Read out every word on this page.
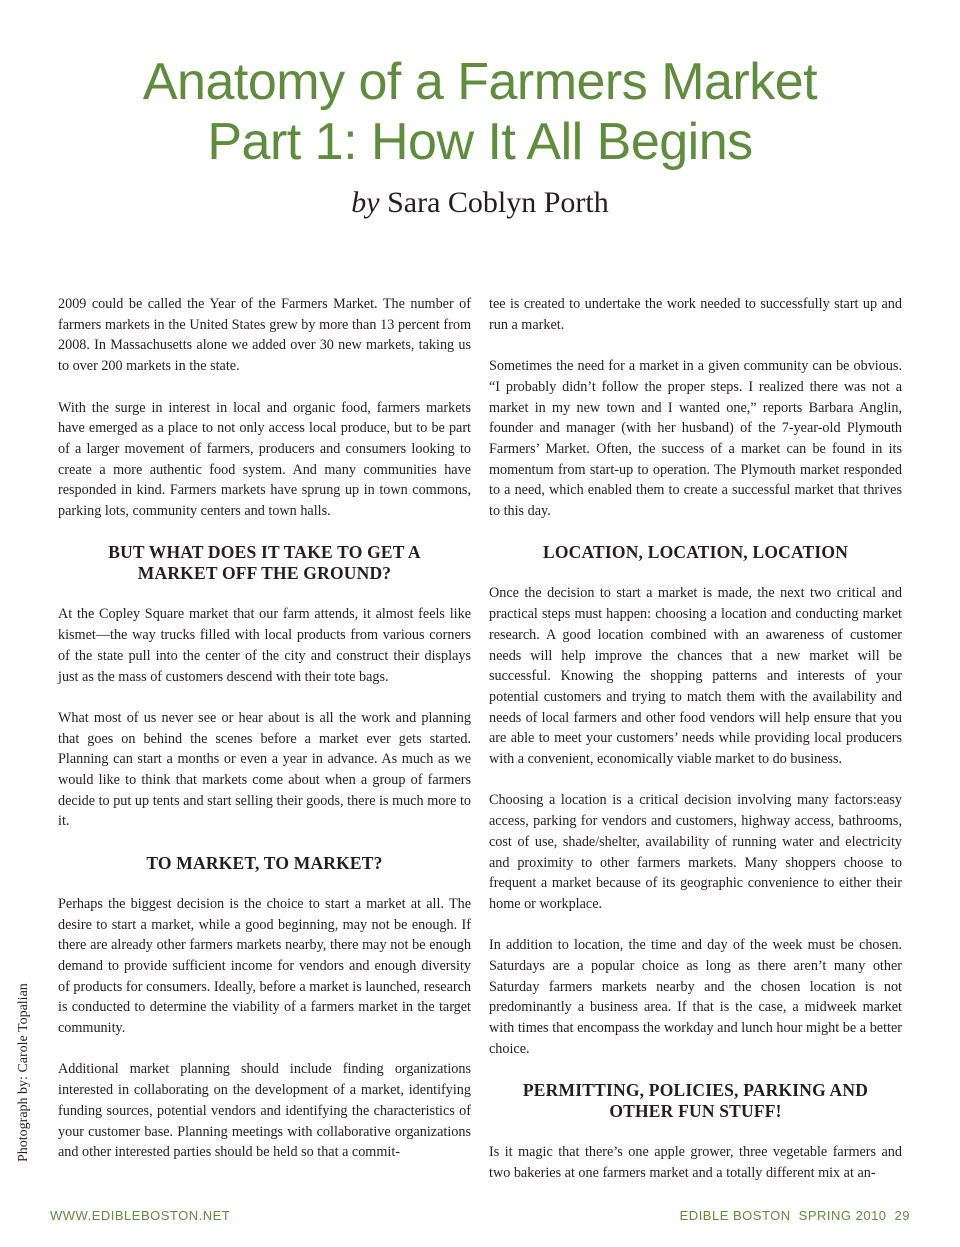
Anatomy of a Farmers Market
Part 1: How It All Begins
by Sara Coblyn Porth

2009 could be called the Year of the Farmers Market. The number of farmers markets in the United States grew by more than 13 percent from 2008. In Massachusetts alone we added over 30 new markets, taking us to over 200 markets in the state.

With the surge in interest in local and organic food, farmers markets have emerged as a place to not only access local produce, but to be part of a larger movement of farmers, producers and consumers looking to create a more authentic food system. And many communities have responded in kind. Farmers markets have sprung up in town commons, parking lots, community centers and town halls.

BUT WHAT DOES IT TAKE TO GET A MARKET OFF THE GROUND?

At the Copley Square market that our farm attends, it almost feels like kismet—the way trucks filled with local products from various corners of the state pull into the center of the city and construct their displays just as the mass of customers descend with their tote bags.

What most of us never see or hear about is all the work and planning that goes on behind the scenes before a market ever gets started. Planning can start a months or even a year in advance. As much as we would like to think that markets come about when a group of farmers decide to put up tents and start selling their goods, there is much more to it.

TO MARKET, TO MARKET?

Perhaps the biggest decision is the choice to start a market at all. The desire to start a market, while a good beginning, may not be enough. If there are already other farmers markets nearby, there may not be enough demand to provide sufficient income for vendors and enough diversity of products for consumers. Ideally, before a market is launched, research is conducted to determine the viability of a farmers market in the target community.

Additional market planning should include finding organizations interested in collaborating on the development of a market, identifying funding sources, potential vendors and identifying the characteristics of your customer base. Planning meetings with collaborative organizations and other interested parties should be held so that a commit-

tee is created to undertake the work needed to successfully start up and run a market.

Sometimes the need for a market in a given community can be obvious. “I probably didn’t follow the proper steps. I realized there was not a market in my new town and I wanted one,” reports Barbara Anglin, founder and manager (with her husband) of the 7-year-old Plymouth Farmers’ Market. Often, the success of a market can be found in its momentum from start-up to operation. The Plymouth market responded to a need, which enabled them to create a successful market that thrives to this day.

LOCATION, LOCATION, LOCATION

Once the decision to start a market is made, the next two critical and practical steps must happen: choosing a location and conducting market research. A good location combined with an awareness of customer needs will help improve the chances that a new market will be successful. Knowing the shopping patterns and interests of your potential customers and trying to match them with the availability and needs of local farmers and other food vendors will help ensure that you are able to meet your customers’ needs while providing local producers with a convenient, economically viable market to do business.

Choosing a location is a critical decision involving many factors:easy access, parking for vendors and customers, highway access, bathrooms, cost of use, shade/shelter, availability of running water and electricity and proximity to other farmers markets. Many shoppers choose to frequent a market because of its geographic convenience to either their home or workplace.

In addition to location, the time and day of the week must be chosen. Saturdays are a popular choice as long as there aren’t many other Saturday farmers markets nearby and the chosen location is not predominantly a business area. If that is the case, a midweek market with times that encompass the workday and lunch hour might be a better choice.

PERMITTING, POLICIES, PARKING AND OTHER FUN STUFF!

Is it magic that there’s one apple grower, three vegetable farmers and two bakeries at one farmers market and a totally different mix at an-

Photograph by: Carole Topalian
WWW.EDIBLEBOSTON.NET	EDIBLE BOSTON SPRING 2010 29
